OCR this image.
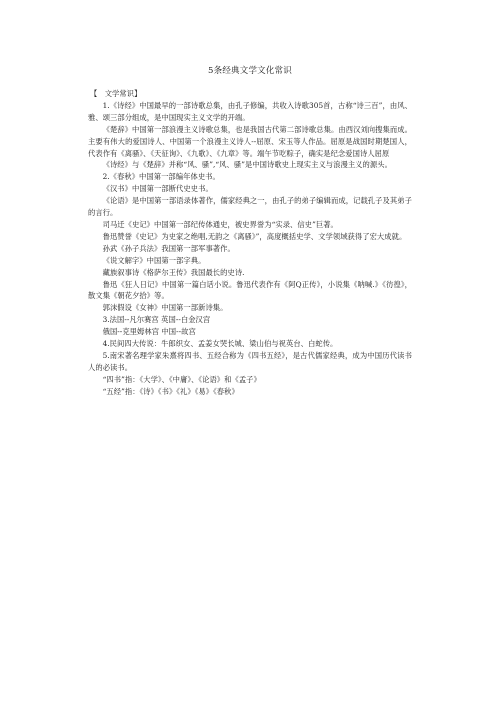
5条经典文学文化常识

【　文学常识】

1.《诗经》中国最早的一部诗歌总集，由孔子修编，共收入诗歌305首，古称“诗三百”，由风、雅、颂三部分组成，是中国现实主义文学的开端。

《楚辞》中国第一部浪漫主义诗歌总集，也是我国古代第二部诗歌总集。由西汉刘向搜集而成。主要有伟大的爱国诗人、中国第一个浪漫主义诗人--屈原、宋玉等人作品。屈原是战国时期楚国人，代表作有《离骚》、《天征询》、《九歌》、《九章》等。端午节吃粽子，确实是纪念爱国诗人屈原

《诗经》与《楚辞》并称“风、骚”,“风、骚”是中国诗歌史上现实主义与浪漫主义的源头。

2.《春秋》中国第一部编年体史书。

《汉书》中国第一部断代史史书。

《论语》是中国第一部语录体著作，儒家经典之一，由孔子的弟子编辑而成，记载孔子及其弟子的言行。

司马迁《史记》中国第一部纪传体通史，被史界誉为“实录、信史”巨著。

鲁迅赞誉《史记》为史家之绝唱,无韵之《离骚》”，高度概括史学、文学领域获得了宏大成就。

孙武《孙子兵法》我国第一部军事著作。

《说文解字》中国第一部字典。

藏族叙事诗《格萨尔王传》我国最长的史诗.

鲁迅《狂人日记》中国第一篇白话小说。鲁迅代表作有《阿Q正传》，小说集《呐喊.》《彷徨》，散文集《朝花夕拾》等。

郭沫假设《女神》中国第一部新诗集。

3.法国--凡尔赛宫 英国--白金汉宫

俄国--克里姆林宫 中国--故宫

4.民间四大传说：牛郎织女、孟姜女哭长城、梁山伯与祝英台、白蛇传。

5.南宋著名理学家朱熹将四书、五经合称为《四书五经》，是古代儒家经典，成为中国历代读书人的必读书。

“四书”指：《大学》、《中庸》、《论语》和《孟子》

“五经”指：《诗》《书》《礼》《易》《春秋》
